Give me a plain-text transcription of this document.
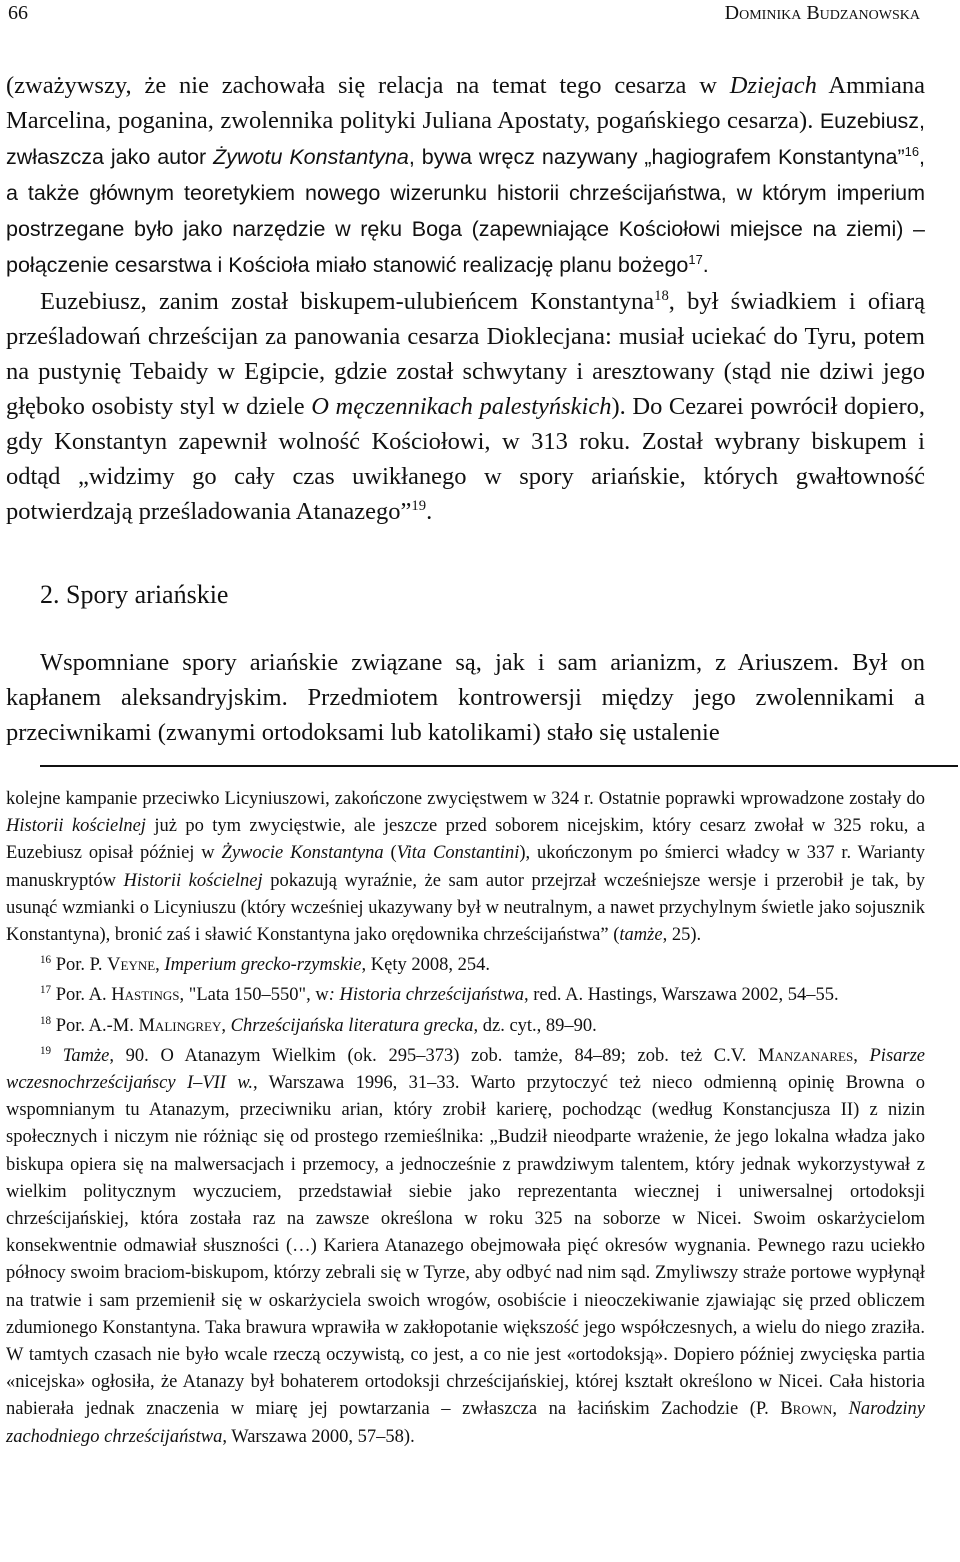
66	Dominika Budzanowska

(zważywszy, że nie zachowała się relacja na temat tego cesarza w Dziejach Ammiana Marcelina, poganina, zwolennika polityki Juliana Apostaty, pogańskiego cesarza). Euzebiusz, zwłaszcza jako autor Żywotu Konstantyna, bywa wręcz nazywany „hagiografem Konstantyna”$^{16}$, a także głównym teoretykiem nowego wizerunku historii chrześcijaństwa, w którym imperium postrzegane było jako narzędzie w ręku Boga (zapewniające Kościołowi miejsce na ziemi) – połączenie cesarstwa i Kościoła miało stanowić realizację planu bożego$^{17}$.

Euzebiusz, zanim został biskupem-ulubieńcem Konstantyna$^{18}$, był świadkiem i ofiarą prześladowań chrześcijan za panowania cesarza Dioklecjana: musiał uciekać do Tyru, potem na pustynię Tebaidy w Egipcie, gdzie został schwytany i aresztowany (stąd nie dziwi jego głęboko osobisty styl w dziele O męczennikach palestyńskich). Do Cezarei powrócił dopiero, gdy Konstantyn zapewnił wolność Kościołowi, w 313 roku. Został wybrany biskupem i odtąd „widzimy go cały czas uwikłanego w spory ariańskie, których gwałtowność potwierdzają prześladowania Atanazego”$^{19}$.

2. Spory ariańskie

Wspomniane spory ariańskie związane są, jak i sam arianizm, z Ariuszem. Był on kapłanem aleksandryjskim. Przedmiotem kontrowersji między jego zwolennikami a przeciwnikami (zwanymi ortodoksami lub katolikami) stało się ustalenie

kolejne kampanie przeciwko Licyniuszowi, zakończone zwycięstwem w 324 r. Ostatnie poprawki wprowadzone zostały do Historii kościelnej już po tym zwycięstwie, ale jeszcze przed soborem nicejskim, który cesarz zwołał w 325 roku, a Euzebiusz opisał później w Żywocie Konstantyna (Vita Constantini), ukończonym po śmierci władcy w 337 r. Warianty manuskryptów Historii kościelnej pokazują wyraźnie, że sam autor przejrzał wcześniejsze wersje i przerobił je tak, by usunąć wzmianki o Licyniuszu (który wcześniej ukazywany był w neutralnym, a nawet przychylnym świetle jako sojusznik Konstantyna), bronić zaś i sławić Konstantyna jako orędownika chrześcijaństwa” (tamże, 25).

$^{16}$ Por. P. Veyne, Imperium grecko-rzymskie, Kęty 2008, 254.

$^{17}$ Por. A. Hastings, "Lata 150–550", w: Historia chrześcijaństwa, red. A. Hastings, Warszawa 2002, 54–55.

$^{18}$ Por. A.-M. Malingrey, Chrześcijańska literatura grecka, dz. cyt., 89–90.

$^{19}$ Tamże, 90. O Atanazym Wielkim (ok. 295–373) zob. tamże, 84–89; zob. też C.V. Manzanares, Pisarze wczesnochrześcijańscy I–VII w., Warszawa 1996, 31–33. Warto przytoczyć też nieco odmienną opinię Browna o wspomnianym tu Atanazym, przeciwniku arian, który zrobił karierę, pochodząc (według Konstancjusza II) z nizin społecznych i niczym nie różniąc się od prostego rzemieślnika: „Budził nieodparte wrażenie, że jego lokalna władza jako biskupa opiera się na malwersacjach i przemocy, a jednocześnie z prawdziwym talentem, który jednak wykorzystywał z wielkim politycznym wyczuciem, przedstawiał siebie jako reprezentanta wiecznej i uniwersalnej ortodoksji chrześcijańskiej, która została raz na zawsze określona w roku 325 na soborze w Nicei. Swoim oskarżycielom konsekwentnie odmawiał słuszności (…) Kariera Atanazego obejmowała pięć okresów wygnania. Pewnego razu uciekło północy swoim braciom-biskupom, którzy zebrali się w Tyrze, aby odbyć nad nim sąd. Zmyliwszy straże portowe wypłynął na tratwie i sam przemienił się w oskarżyciela swoich wrogów, osobiście i nieoczekiwanie zjawiając się przed obliczem zdumionego Konstantyna. Taka brawura wprawiła w zakłopotanie większość jego współczesnych, a wielu do niego zraziła. W tamtych czasach nie było wcale rzeczą oczywistą, co jest, a co nie jest «ortodoksją». Dopiero później zwycięska partia «nicejska» ogłosiła, że Atanazy był bohaterem ortodoksji chrześcijańskiej, której kształt określono w Nicei. Cała historia nabierała jednak znaczenia w miarę jej powtarzania – zwłaszcza na łacińskim Zachodzie (P. Brown, Narodziny zachodniego chrześcijaństwa, Warszawa 2000, 57–58).
